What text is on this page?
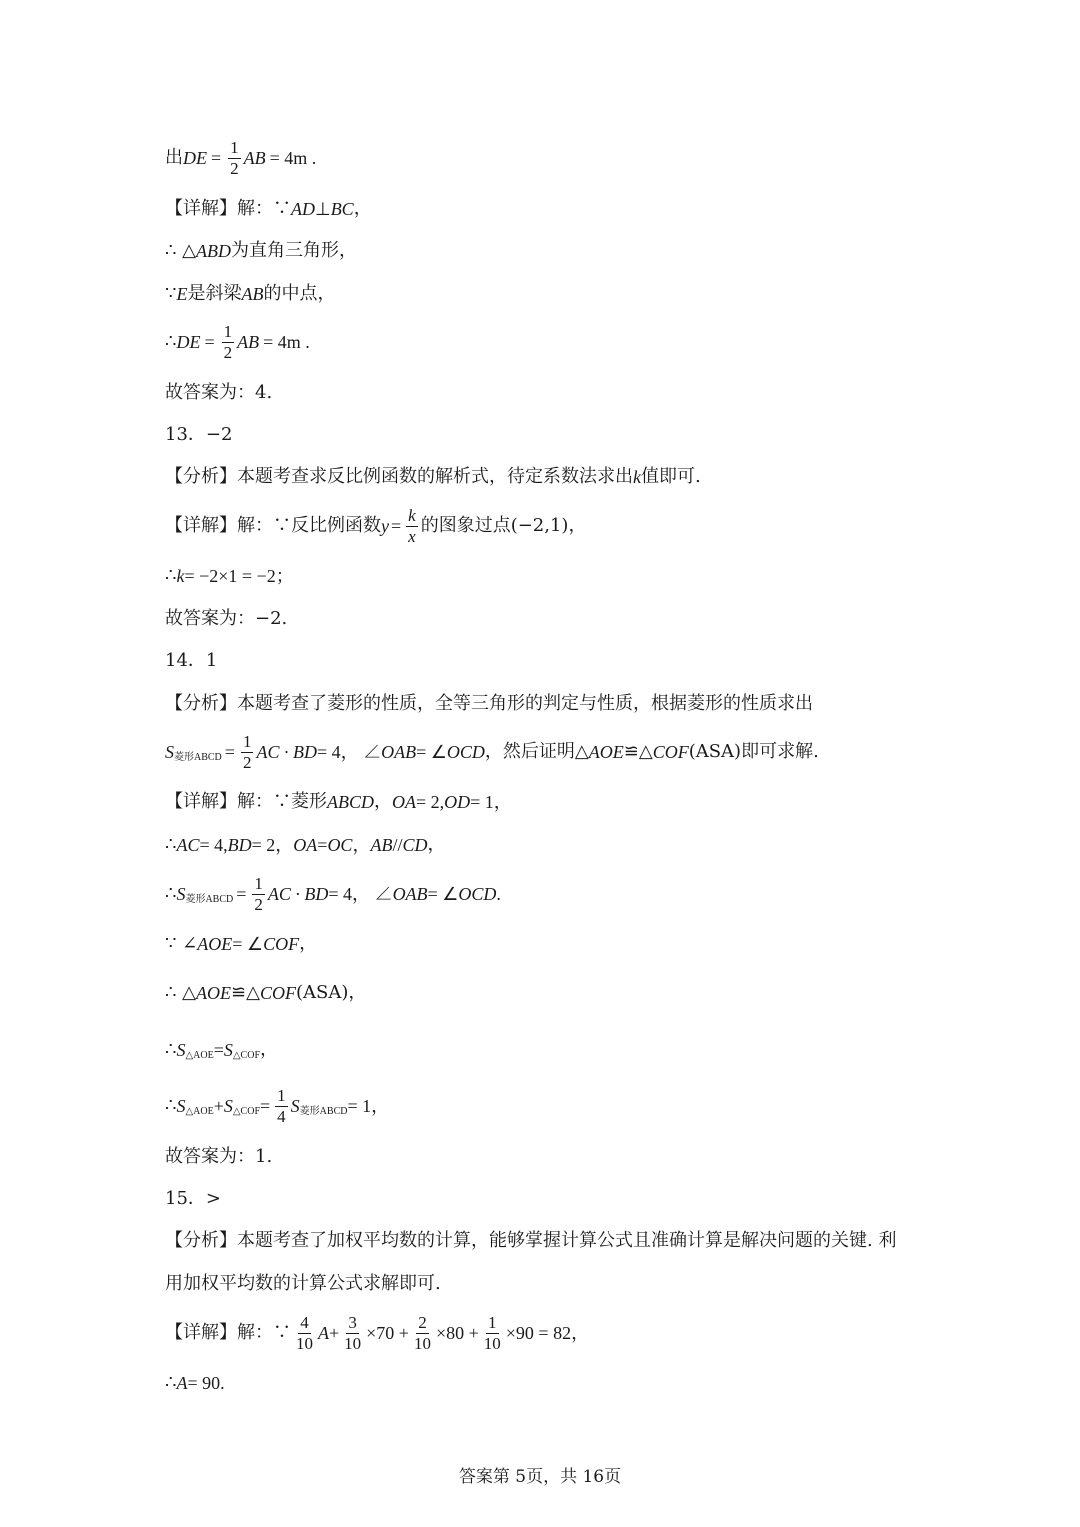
出 DE = $\frac{1}{2}$ AB = 4m .
【详解】解：∵ AD ⊥ BC ，
∴ △ ABD 为直角三角形，
∵ E 是斜梁 AB 的中点，
∴ DE = $\frac{1}{2}$ AB = 4m .
故答案为：4.
13．−2
【分析】本题考查求反比例函数的解析式，待定系数法求出 k 值即可.
【详解】解：∵反比例函数 $y = \frac{k}{x}$ 的图象过点(−2,1)，
∴ k = −2×1 = −2；
故答案为：−2.
14．1
【分析】本题考查了菱形的性质，全等三角形的判定与性质，根据菱形的性质求出
S 菱形ABCD = $\frac{1}{2}$ AC · BD = 4， ∠ OAB = ∠ OCD ，然后证明△ AOE ≌△ COF (ASA)即可求解.
【详解】解：∵菱形 ABCD ， OA = 2, OD = 1，
∴ AC = 4, BD = 2， OA = OC ， AB // CD ，
∴ S 菱形ABCD = $\frac{1}{2}$ AC · BD = 4， ∠ OAB = ∠ OCD .
∵ ∠ AOE = ∠ COF ，
∴ △ AOE ≌△ COF (ASA)，
∴ S △AOE = S △COF ，
∴ S △AOE + S △COF = $\frac{1}{4}$ S 菱形ABCD = 1，
故答案为：1.
15．>
【分析】本题考查了加权平均数的计算，能够掌握计算公式且准确计算是解决问题的关键. 利
用加权平均数的计算公式求解即可.
【详解】解：∵ $\frac{4}{10}$ $A + \frac{3}{10} \times 70 + \frac{2}{10} \times 80 + \frac{1}{10} \times 90 = 82$，
∴ A = 90.
答案第 5页，共 16页
